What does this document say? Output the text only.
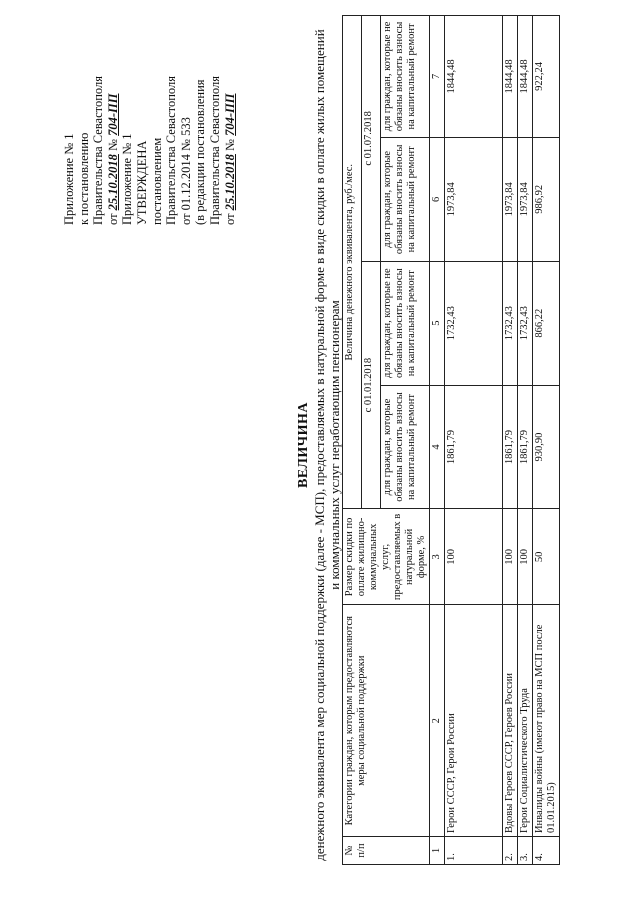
Приложение № 1 к постановлению Правительства Севастополя от 25.10.2018 № 704-ПП
Приложение № 1 УТВЕРЖДЕНА постановлением Правительства Севастополя от 01.12.2014 № 533 (в редакции постановления Правительства Севастополя от 25.10.2018 № 704-ПП
ВЕЛИЧИНА денежного эквивалента мер социальной поддержки (далее - МСП), предоставляемых в натуральной форме в виде скидки в оплате жилых помещений и коммунальных услуг неработающим пенсионерам
№ п/п	Категории граждан, которым предоставляются меры социальной поддержки	Размер скидки по оплате жилищно-коммунальных услуг, предоставляемых в натуральной форме, %	Величина денежного эквивалента, руб./мес.			
			с 01.01.2018		с 01.07.2018	
			для граждан, которые обязаны вносить взносы на капитальный ремонт	для граждан, которые не обязаны вносить взносы на капитальный ремонт	для граждан, которые обязаны вносить взносы на капитальный ремонт	для граждан, которые не обязаны вносить взносы на капитальный ремонт
1	2	3	4	5	6	7
1.	Герои СССР, Герои России	100	1861,79	1732,43	1973,84	1844,48
2.	Вдовы Героев СССР, Героев России	100	1861,79	1732,43	1973,84	1844,48
3.	Герои Социалистического Труда	100	1861,79	1732,43	1973,84	1844,48
4.	Инвалиды войны (имеют право на МСП после 01.01.2015)	50	930,90	866,22	986,92	922,24
